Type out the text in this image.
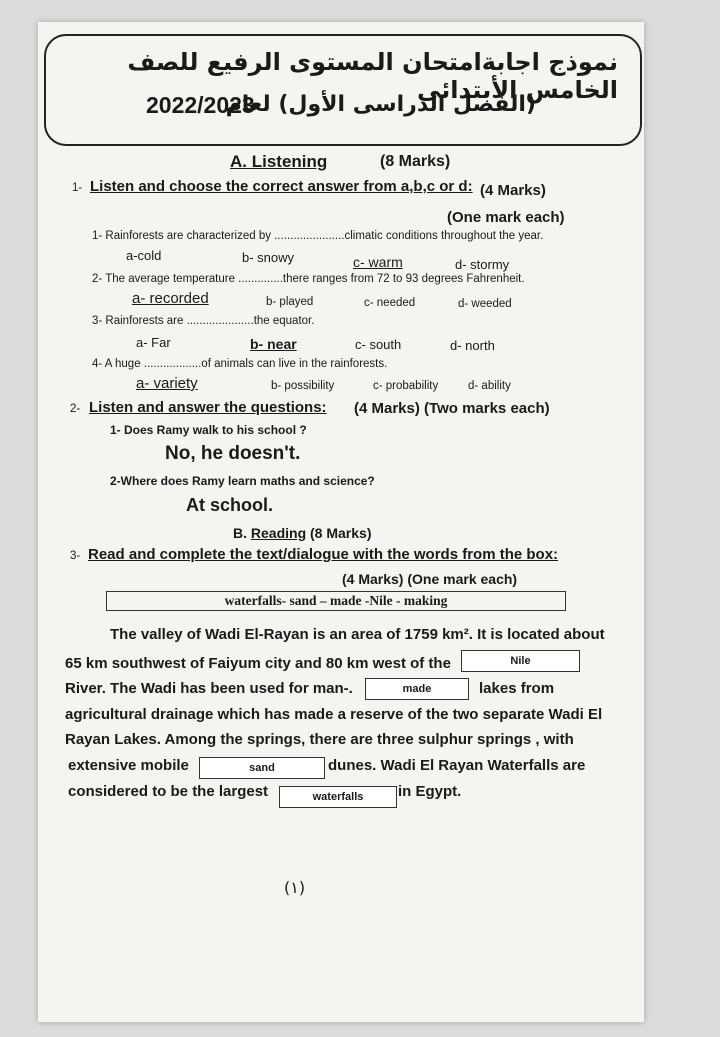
نموذج اجابةامتحان المستوى الرفيع للصف الخامس الأبتدائى
(الفصل الدراسى الأول) لعام
2022/2023
A. Listening	(8 Marks)
1- Listen and choose the correct answer from a,b,c or d: (4 Marks)
(One mark each)
1- Rainforests are characterized by ......................climatic conditions throughout the year.
a-cold	b- snowy	c- warm	d- stormy
2- The average temperature ..............there ranges from 72 to 93 degrees Fahrenheit.
a- recorded	b- played	c- needed	d- weeded
3- Rainforests are .....................the equator.
a- Far	b- near	c- south	d- north
4- A huge ..................of animals can live in the rainforests.
a- variety	b- possibility	c- probability	d- ability
2- Listen and answer the questions: (4 Marks) (Two marks each)
1- Does Ramy walk to his school ?
No, he doesn't.
2-Where does Ramy learn maths and science?
At school.
B. Reading (8 Marks)
3- Read and complete the text/dialogue with the words from the box:
(4 Marks) (One mark each)
waterfalls- sand – made -Nile - making
The valley of Wadi El-Rayan is an area of 1759 km². It is located about
65 km southwest of Faiyum city and 80 km west of the	Nile
River. The Wadi has been used for man-.	made	lakes from
agricultural drainage which has made a reserve of the two separate Wadi El
Rayan Lakes. Among the springs, there are three sulphur springs , with
extensive mobile	sand	dunes. Wadi El Rayan Waterfalls are
considered to be the largest	waterfalls	in Egypt.
(١)
